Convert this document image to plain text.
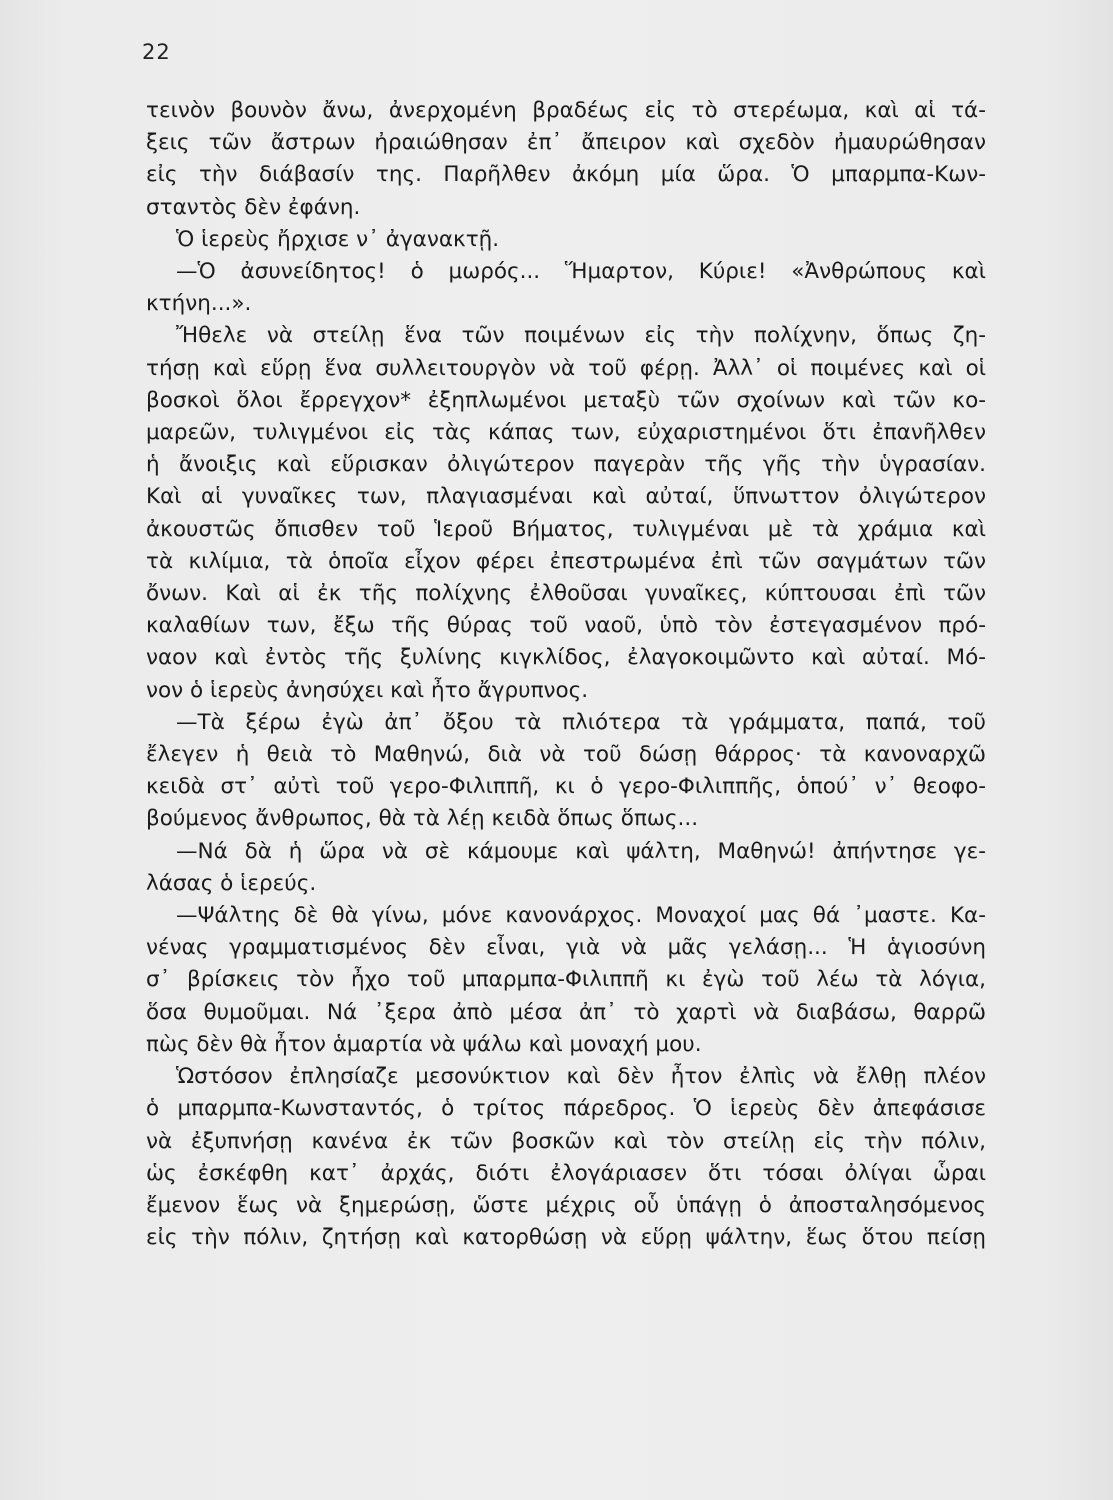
22
τεινὸν βουνὸν ἄνω, ἀνερχομένη βραδέως εἰς τὸ στερέωμα, καὶ αἱ τά-
ξεις τῶν ἄστρων ἠραιώθησαν ἐπ᾽ ἄπειρον καὶ σχεδὸν ἠμαυρώθησαν
εἰς τὴν διάβασίν της. Παρῆλθεν ἀκόμη μία ὥρα. Ὁ μπαρμπα-Κων-
σταντὸς δὲν ἐφάνη.
Ὁ ἱερεὺς ἤρχισε ν᾽ ἀγανακτῇ.
—Ὁ ἀσυνείδητος! ὁ μωρός... Ἥμαρτον, Κύριε! «Ἀνθρώπους καὶ
κτήνη...».
Ἤθελε νὰ στείλῃ ἕνα τῶν ποιμένων εἰς τὴν πολίχνην, ὅπως ζη-
τήσῃ καὶ εὕρῃ ἕνα συλλειτουργὸν νὰ τοῦ φέρῃ. Ἀλλ᾽ οἱ ποιμένες καὶ οἱ
βοσκοὶ ὅλοι ἔρρεγχον* ἐξηπλωμένοι μεταξὺ τῶν σχοίνων καὶ τῶν κο-
μαρεῶν, τυλιγμένοι εἰς τὰς κάπας των, εὐχαριστημένοι ὅτι ἐπανῆλθεν
ἡ ἄνοιξις καὶ εὕρισκαν ὀλιγώτερον παγερὰν τῆς γῆς τὴν ὑγρασίαν.
Καὶ αἱ γυναῖκες των, πλαγιασμέναι καὶ αὐταί, ὕπνωττον ὀλιγώτερον
ἀκουστῶς ὄπισθεν τοῦ Ἱεροῦ Βήματος, τυλιγμέναι μὲ τὰ χράμια καὶ
τὰ κιλίμια, τὰ ὁποῖα εἶχον φέρει ἐπεστρωμένα ἐπὶ τῶν σαγμάτων τῶν
ὄνων. Καὶ αἱ ἐκ τῆς πολίχνης ἐλθοῦσαι γυναῖκες, κύπτουσαι ἐπὶ τῶν
καλαθίων των, ἔξω τῆς θύρας τοῦ ναοῦ, ὑπὸ τὸν ἐστεγασμένον πρό-
ναον καὶ ἐντὸς τῆς ξυλίνης κιγκλίδος, ἐλαγοκοιμῶντο καὶ αὐταί. Μό-
νον ὁ ἱερεὺς ἀνησύχει καὶ ἦτο ἄγρυπνος.
—Τὰ ξέρω ἐγὼ ἀπ᾽ ὄξου τὰ πλιότερα τὰ γράμματα, παπά, τοῦ
ἔλεγεν ἡ θειὰ τὸ Μαθηνώ, διὰ νὰ τοῦ δώσῃ θάρρος· τὰ κανοναρχῶ
κειδὰ στ᾽ αὐτὶ τοῦ γερο-Φιλιππῆ, κι ὁ γερο-Φιλιππῆς, ὁπού᾽ ν᾽ θεοφο-
βούμενος ἄνθρωπος, θὰ τὰ λέῃ κειδὰ ὅπως ὅπως...
—Νά δὰ ἡ ὥρα νὰ σὲ κάμουμε καὶ ψάλτη, Μαθηνώ! ἀπήντησε γε-
λάσας ὁ ἱερεύς.
—Ψάλτης δὲ θὰ γίνω, μόνε κανονάρχος. Μοναχοί μας θά ᾽μαστε. Κα-
νένας γραμματισμένος δὲν εἶναι, γιὰ νὰ μᾶς γελάσῃ... Ἡ ἁγιοσύνη
σ᾽ βρίσκεις τὸν ἦχο τοῦ μπαρμπα-Φιλιππῆ κι ἐγὼ τοῦ λέω τὰ λόγια,
ὅσα θυμοῦμαι. Νά ᾽ξερα ἀπὸ μέσα ἀπ᾽ τὸ χαρτὶ νὰ διαβάσω, θαρρῶ
πὼς δὲν θὰ ἦτον ἁμαρτία νὰ ψάλω καὶ μοναχή μου.
Ὡστόσον ἐπλησίαζε μεσονύκτιον καὶ δὲν ἦτον ἐλπὶς νὰ ἔλθῃ πλέον
ὁ μπαρμπα-Κωνσταντός, ὁ τρίτος πάρεδρος. Ὁ ἱερεὺς δὲν ἀπεφάσισε
νὰ ἐξυπνήσῃ κανένα ἐκ τῶν βοσκῶν καὶ τὸν στείλῃ εἰς τὴν πόλιν,
ὡς ἐσκέφθη κατ᾽ ἀρχάς, διότι ἐλογάριασεν ὅτι τόσαι ὀλίγαι ὧραι
ἔμενον ἕως νὰ ξημερώσῃ, ὥστε μέχρις οὗ ὑπάγῃ ὁ ἀποσταλησόμενος
εἰς τὴν πόλιν, ζητήσῃ καὶ κατορθώσῃ νὰ εὕρῃ ψάλτην, ἕως ὅτου πείσῃ
